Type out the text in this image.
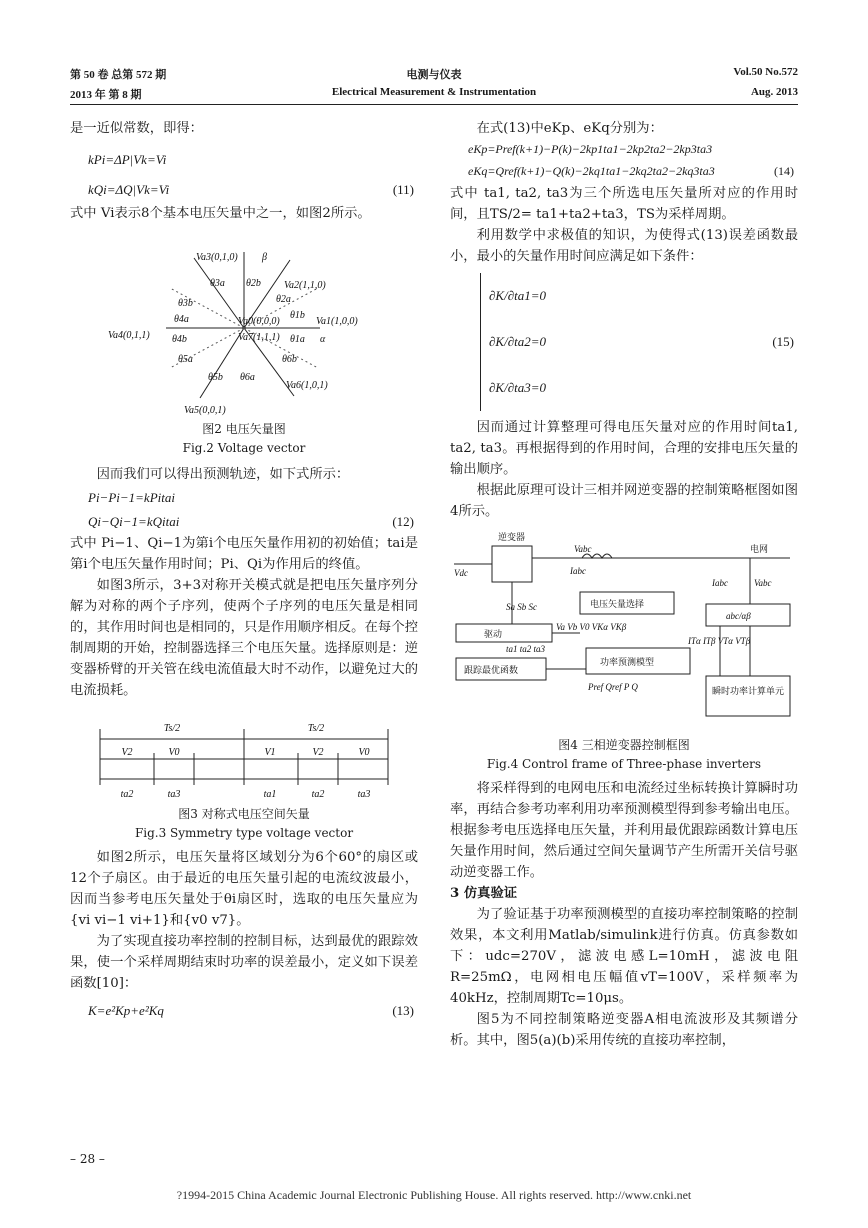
第 50 卷 总第 572 期
2013 年 第 8 期
电测与仪表
Electrical Measurement & Instrumentation
Vol.50 No.572
Aug. 2013

是一近似常数，即得：

kPi=ΔP|Vk=Vi
kQi=ΔQ|Vk=Vi	(11)

式中 Vi表示8个基本电压矢量中之一，如图2所示。

Va3(0,1,0)
Va2(1,1,0)
Va1(1,0,0)
Va6(1,0,1)
Va5(0,0,1)
Va4(0,1,1)
Va0(0,0,0)
Va7(1,1,1)
β
α
θ3a θ2b
θ3b	θ2a
θ4a	θ1b
θ4b	θ1a
θ5a	θ6b
θ5b θ6a

图2 电压矢量图

Fig.2 Voltage vector

因而我们可以得出预测轨迹，如下式所示：

Pi−Pi−1=kPitai
Qi−Qi−1=kQitai	(12)

式中 Pi−1、Qi−1为第i个电压矢量作用初的初始值；tai是第i个电压矢量作用时间；Pi、Qi为作用后的终值。

如图3所示，3+3对称开关模式就是把电压矢量序列分解为对称的两个子序列，使两个子序列的电压矢量是相同的，其作用时间也是相同的，只是作用顺序相反。在每个控制周期的开始，控制器选择三个电压矢量。选择原则是：逆变器桥臂的开关管在线电流值最大时不动作，以避免过大的电流损耗。

Ts/2	Ts/2
V2	V0	V1	V2	V0
ta2	ta3	ta1	ta2	ta3

图3 对称式电压空间矢量

Fig.3 Symmetry type voltage vector

如图2所示，电压矢量将区域划分为6个60°的扇区或12个子扇区。由于最近的电压矢量引起的电流纹波最小，因而当参考电压矢量处于θi扇区时，选取的电压矢量应为{vi vi−1 vi+1}和{v0 v7}。

为了实现直接功率控制的控制目标，达到最优的跟踪效果，使一个采样周期结束时功率的误差最小，定义如下误差函数[10]：

K=e²Kp+e²Kq	(13)

在式(13)中eKp、eKq分别为：

eKp=Pref(k+1)−P(k)−2kp1ta1−2kp2ta2−2kp3ta3
eKq=Qref(k+1)−Q(k)−2kq1ta1−2kq2ta2−2kq3ta3	(14)

式中 ta1, ta2, ta3为三个所选电压矢量所对应的作用时间，且TS/2= ta1+ta2+ta3，TS为采样周期。

利用数学中求极值的知识，为使得式(13)误差函数最小，最小的矢量作用时间应满足如下条件：

∂K/∂ta1=0
∂K/∂ta2=0
∂K/∂ta3=0
(15)

因而通过计算整理可得电压矢量对应的作用时间ta1, ta2, ta3。再根据得到的作用时间，合理的安排电压矢量的输出顺序。

根据此原理可设计三相并网逆变器的控制策略框图如图4所示。

逆变器
电网
Vdc
Vabc
Iabc
Sa Sb Sc	电压矢量选择
驱动
Va Vb V0 VKα VKβ
ta1 ta2 ta3
跟踪最优函数
功率预测模型
Pref Qref P Q
abc/αβ
ITα ITβ VTα VTβ
Iabc	Vabc
瞬时功率计算单元

图4 三相逆变器控制框图

Fig.4 Control frame of Three-phase inverters

将采样得到的电网电压和电流经过坐标转换计算瞬时功率，再结合参考功率利用功率预测模型得到参考输出电压。根据参考电压选择电压矢量，并利用最优跟踪函数计算电压矢量作用时间，然后通过空间矢量调节产生所需开关信号驱动逆变器工作。

3 仿真验证

为了验证基于功率预测模型的直接功率控制策略的控制效果，本文利用Matlab/simulink进行仿真。仿真参数如下：udc=270V，滤波电感L=10mH，滤波电阻R=25mΩ，电网相电压幅值vT=100V，采样频率为40kHz，控制周期Tc=10μs。

图5为不同控制策略逆变器A相电流波形及其频谱分析。其中，图5(a)(b)采用传统的直接功率控制，

– 28 –
?1994-2015 China Academic Journal Electronic Publishing House. All rights reserved. http://www.cnki.net
